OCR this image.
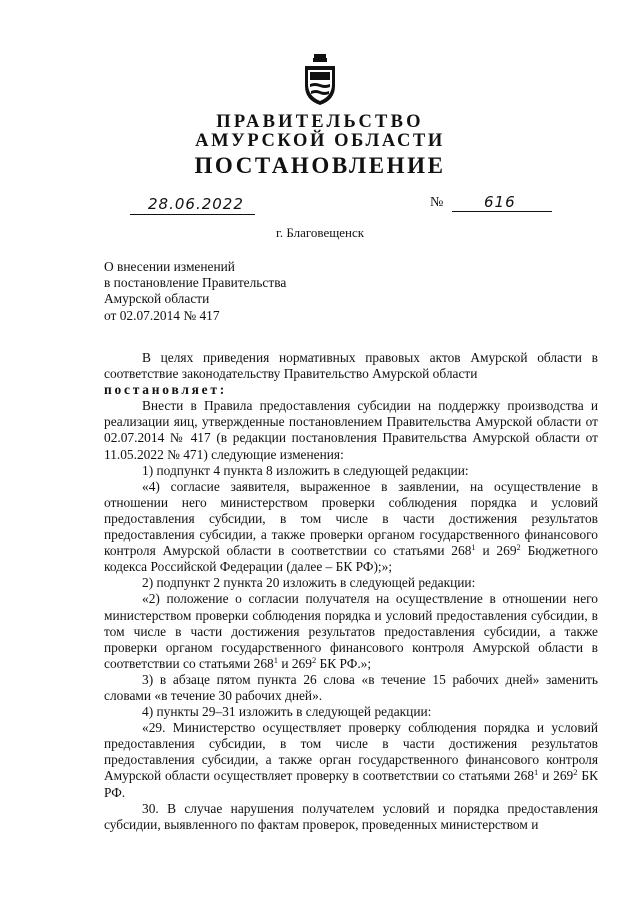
ПРАВИТЕЛЬСТВО
АМУРСКОЙ ОБЛАСТИ
ПОСТАНОВЛЕНИЕ
28.06.2022	№	616
г. Благовещенск
О внесении изменений
в постановление Правительства
Амурской области
от 02.07.2014 № 417

В целях приведения нормативных правовых актов Амурской области в соответствие законодательству Правительство Амурской области

постановляет:

Внести в Правила предоставления субсидии на поддержку производства и реализации яиц, утвержденные постановлением Правительства Амурской области от 02.07.2014 № 417 (в редакции постановления Правительства Амурской области от 11.05.2022 № 471) следующие изменения:

1) подпункт 4 пункта 8 изложить в следующей редакции:

«4) согласие заявителя, выраженное в заявлении, на осуществление в отношении него министерством проверки соблюдения порядка и условий предоставления субсидии, в том числе в части достижения результатов предоставления субсидии, а также проверки органом государственного финансового контроля Амурской области в соответствии со статьями $268^1$ и $269^2$ Бюджетного кодекса Российской Федерации (далее – БК РФ);»;

2) подпункт 2 пункта 20 изложить в следующей редакции:

«2) положение о согласии получателя на осуществление в отношении него министерством проверки соблюдения порядка и условий предоставления субсидии, в том числе в части достижения результатов предоставления субсидии, а также проверки органом государственного финансового контроля Амурской области в соответствии со статьями $268^1$ и $269^2$ БК РФ.»;

3) в абзаце пятом пункта 26 слова «в течение 15 рабочих дней» заменить словами «в течение 30 рабочих дней».

4) пункты 29–31 изложить в следующей редакции:

«29. Министерство осуществляет проверку соблюдения порядка и условий предоставления субсидии, в том числе в части достижения результатов предоставления субсидии, а также орган государственного финансового контроля Амурской области осуществляет проверку в соответствии со статьями $268^1$ и $269^2$ БК РФ.

30. В случае нарушения получателем условий и порядка предоставления субсидии, выявленного по фактам проверок, проведенных министерством и
